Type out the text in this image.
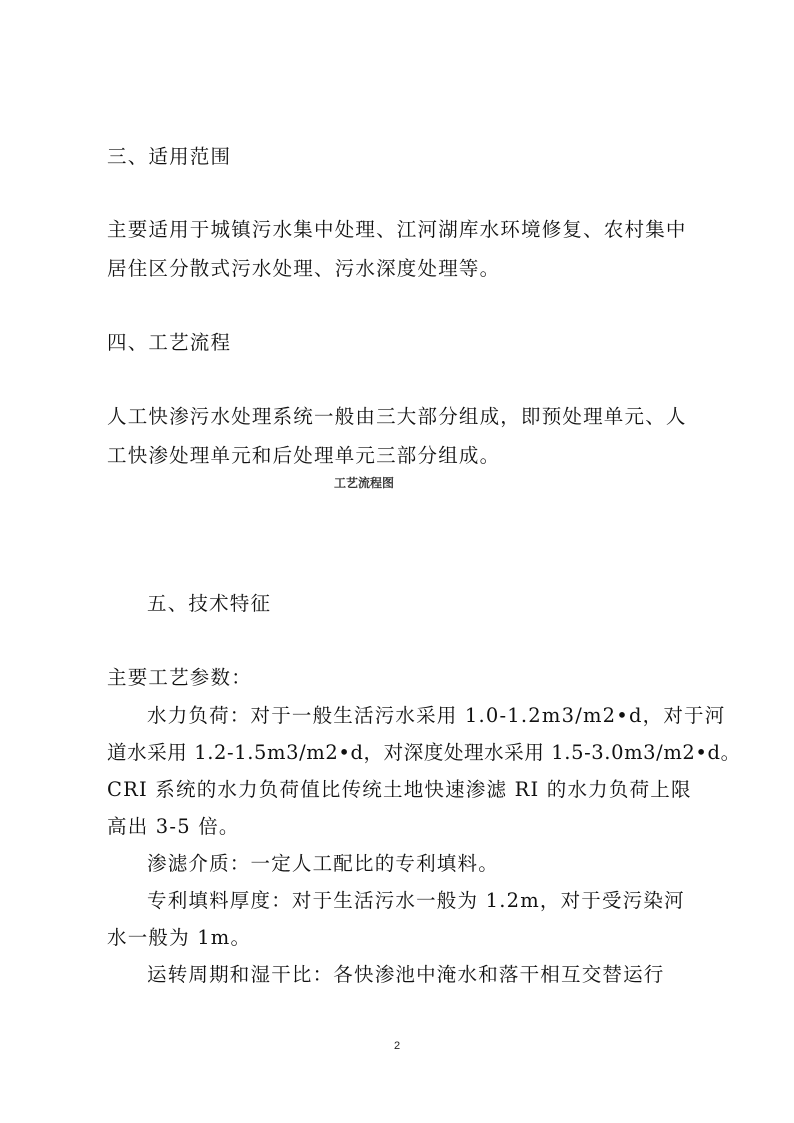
三、适用范围
主要适用于城镇污水集中处理、江河湖库水环境修复、农村集中
居住区分散式污水处理、污水深度处理等。
四、工艺流程
人工快渗污水处理系统一般由三大部分组成，即预处理单元、人
工快渗处理单元和后处理单元三部分组成。
工艺流程图
五、技术特征
主要工艺参数：
水力负荷：对于一般生活污水采用 1.0-1.2m3/m2•d，对于河
道水采用 1.2-1.5m3/m2•d，对深度处理水采用 1.5-3.0m3/m2•d。
CRI 系统的水力负荷值比传统土地快速渗滤 RI 的水力负荷上限
高出 3-5 倍。
渗滤介质：一定人工配比的专利填料。
专利填料厚度：对于生活污水一般为 1.2m，对于受污染河
水一般为 1m。
运转周期和湿干比：各快渗池中淹水和落干相互交替运行
2
